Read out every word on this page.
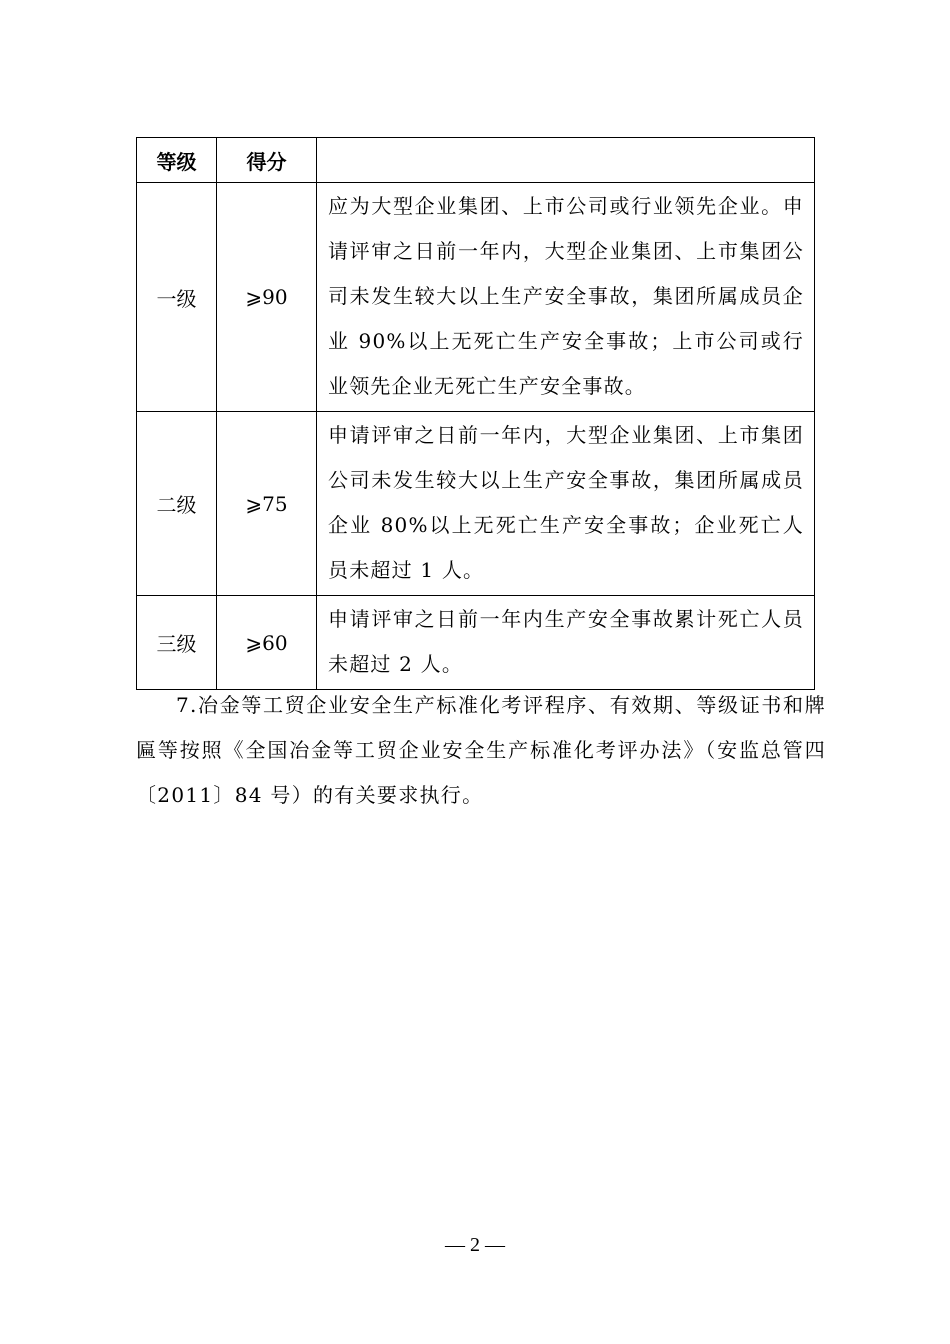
等级	得分	
一级	⩾90	应为大型企业集团、上市公司或行业领先企业。申请评审之日前一年内，大型企业集团、上市集团公司未发生较大以上生产安全事故，集团所属成员企业 90%以上无死亡生产安全事故；上市公司或行业领先企业无死亡生产安全事故。
二级	⩾75	申请评审之日前一年内，大型企业集团、上市集团公司未发生较大以上生产安全事故，集团所属成员企业 80%以上无死亡生产安全事故；企业死亡人员未超过 1 人。
三级	⩾60	申请评审之日前一年内生产安全事故累计死亡人员未超过 2 人。

7.冶金等工贸企业安全生产标准化考评程序、有效期、等级证书和牌匾等按照《全国冶金等工贸企业安全生产标准化考评办法》（安监总管四〔2011〕84 号）的有关要求执行。

— 2 —
